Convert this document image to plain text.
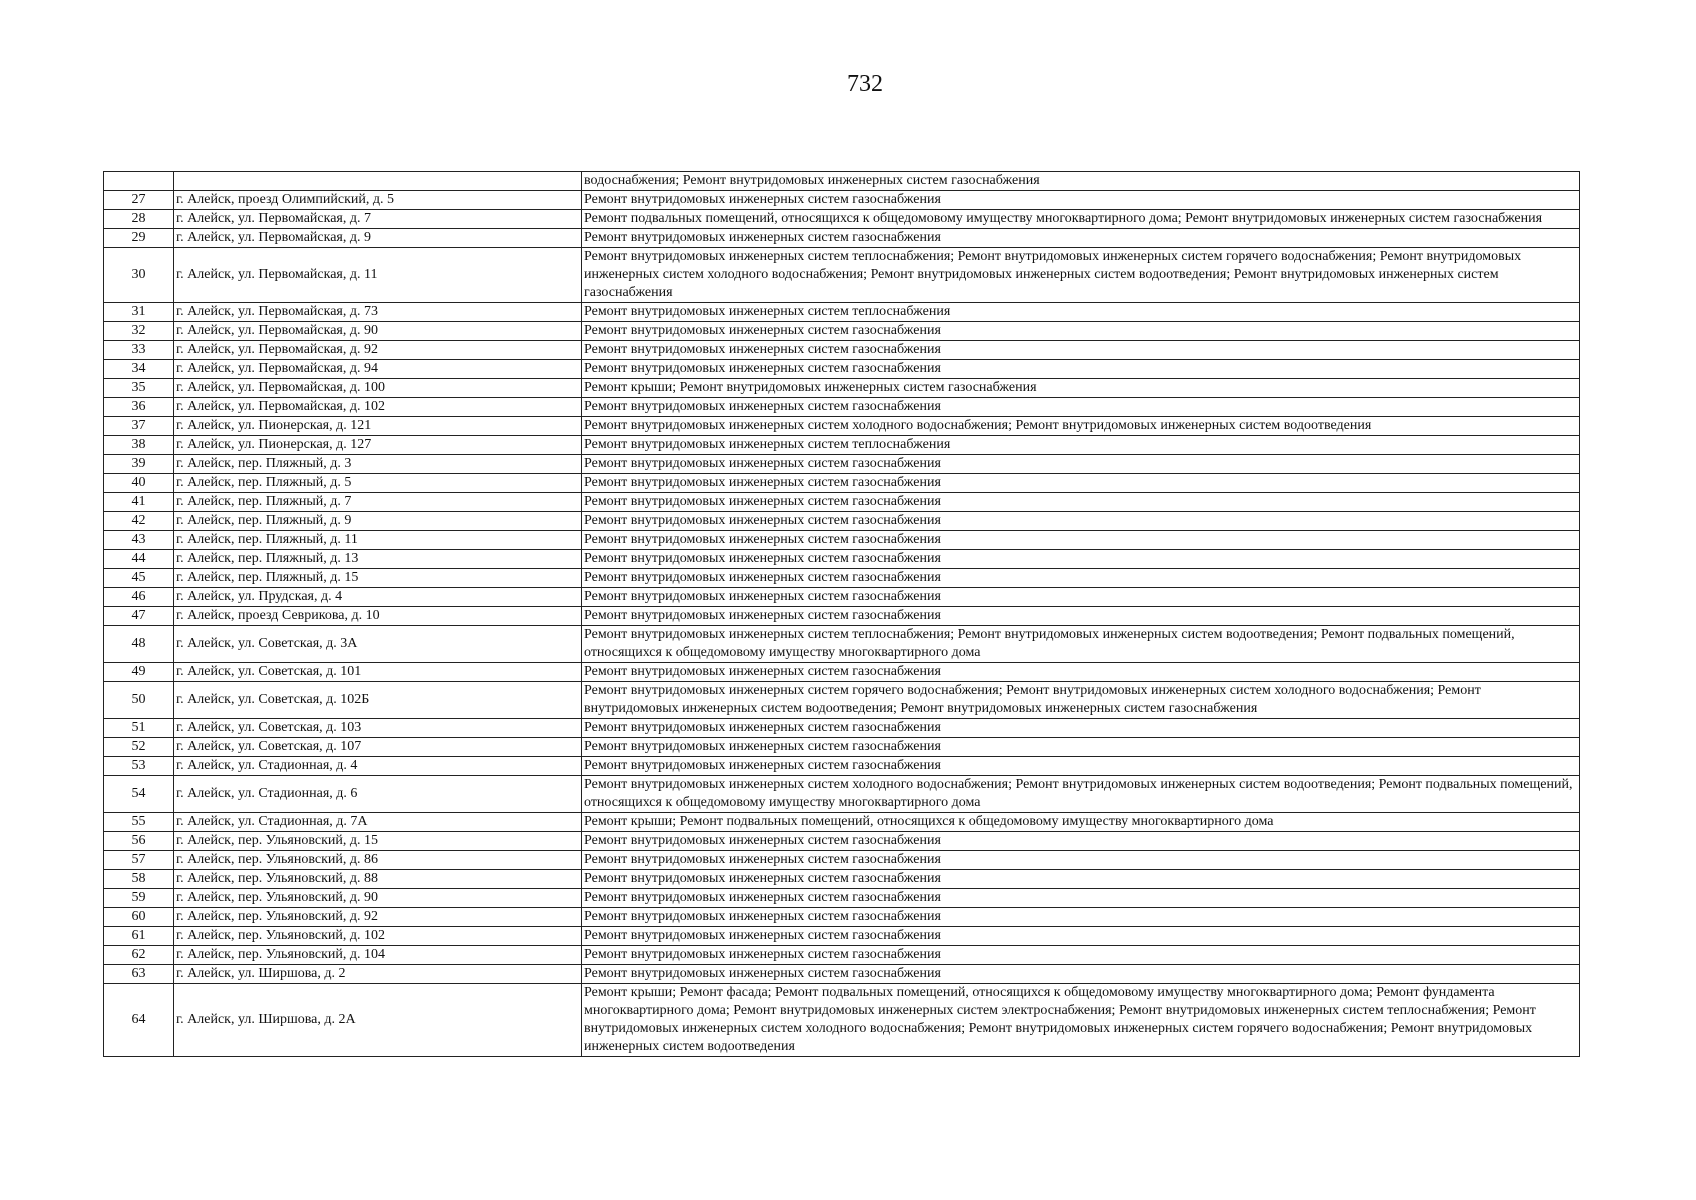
732
		водоснабжения; Ремонт внутридомовых инженерных систем газоснабжения
27	г. Алейск, проезд Олимпийский, д. 5	Ремонт внутридомовых инженерных систем газоснабжения
28	г. Алейск, ул. Первомайская, д. 7	Ремонт подвальных помещений, относящихся к общедомовому имуществу многоквартирного дома; Ремонт внутридомовых инженерных систем газоснабжения
29	г. Алейск, ул. Первомайская, д. 9	Ремонт внутридомовых инженерных систем газоснабжения
30	г. Алейск, ул. Первомайская, д. 11	Ремонт внутридомовых инженерных систем теплоснабжения; Ремонт внутридомовых инженерных систем горячего водоснабжения; Ремонт внутридомовых инженерных систем холодного водоснабжения; Ремонт внутридомовых инженерных систем водоотведения; Ремонт внутридомовых инженерных систем газоснабжения
31	г. Алейск, ул. Первомайская, д. 73	Ремонт внутридомовых инженерных систем теплоснабжения
32	г. Алейск, ул. Первомайская, д. 90	Ремонт внутридомовых инженерных систем газоснабжения
33	г. Алейск, ул. Первомайская, д. 92	Ремонт внутридомовых инженерных систем газоснабжения
34	г. Алейск, ул. Первомайская, д. 94	Ремонт внутридомовых инженерных систем газоснабжения
35	г. Алейск, ул. Первомайская, д. 100	Ремонт крыши; Ремонт внутридомовых инженерных систем газоснабжения
36	г. Алейск, ул. Первомайская, д. 102	Ремонт внутридомовых инженерных систем газоснабжения
37	г. Алейск, ул. Пионерская, д. 121	Ремонт внутридомовых инженерных систем холодного водоснабжения; Ремонт внутридомовых инженерных систем водоотведения
38	г. Алейск, ул. Пионерская, д. 127	Ремонт внутридомовых инженерных систем теплоснабжения
39	г. Алейск, пер. Пляжный, д. 3	Ремонт внутридомовых инженерных систем газоснабжения
40	г. Алейск, пер. Пляжный, д. 5	Ремонт внутридомовых инженерных систем газоснабжения
41	г. Алейск, пер. Пляжный, д. 7	Ремонт внутридомовых инженерных систем газоснабжения
42	г. Алейск, пер. Пляжный, д. 9	Ремонт внутридомовых инженерных систем газоснабжения
43	г. Алейск, пер. Пляжный, д. 11	Ремонт внутридомовых инженерных систем газоснабжения
44	г. Алейск, пер. Пляжный, д. 13	Ремонт внутридомовых инженерных систем газоснабжения
45	г. Алейск, пер. Пляжный, д. 15	Ремонт внутридомовых инженерных систем газоснабжения
46	г. Алейск, ул. Прудская, д. 4	Ремонт внутридомовых инженерных систем газоснабжения
47	г. Алейск, проезд Севрикова, д. 10	Ремонт внутридомовых инженерных систем газоснабжения
48	г. Алейск, ул. Советская, д. 3А	Ремонт внутридомовых инженерных систем теплоснабжения; Ремонт внутридомовых инженерных систем водоотведения; Ремонт подвальных помещений, относящихся к общедомовому имуществу многоквартирного дома
49	г. Алейск, ул. Советская, д. 101	Ремонт внутридомовых инженерных систем газоснабжения
50	г. Алейск, ул. Советская, д. 102Б	Ремонт внутридомовых инженерных систем горячего водоснабжения; Ремонт внутридомовых инженерных систем холодного водоснабжения; Ремонт внутридомовых инженерных систем водоотведения; Ремонт внутридомовых инженерных систем газоснабжения
51	г. Алейск, ул. Советская, д. 103	Ремонт внутридомовых инженерных систем газоснабжения
52	г. Алейск, ул. Советская, д. 107	Ремонт внутридомовых инженерных систем газоснабжения
53	г. Алейск, ул. Стадионная, д. 4	Ремонт внутридомовых инженерных систем газоснабжения
54	г. Алейск, ул. Стадионная, д. 6	Ремонт внутридомовых инженерных систем холодного водоснабжения; Ремонт внутридомовых инженерных систем водоотведения; Ремонт подвальных помещений, относящихся к общедомовому имуществу многоквартирного дома
55	г. Алейск, ул. Стадионная, д. 7А	Ремонт крыши; Ремонт подвальных помещений, относящихся к общедомовому имуществу многоквартирного дома
56	г. Алейск, пер. Ульяновский, д. 15	Ремонт внутридомовых инженерных систем газоснабжения
57	г. Алейск, пер. Ульяновский, д. 86	Ремонт внутридомовых инженерных систем газоснабжения
58	г. Алейск, пер. Ульяновский, д. 88	Ремонт внутридомовых инженерных систем газоснабжения
59	г. Алейск, пер. Ульяновский, д. 90	Ремонт внутридомовых инженерных систем газоснабжения
60	г. Алейск, пер. Ульяновский, д. 92	Ремонт внутридомовых инженерных систем газоснабжения
61	г. Алейск, пер. Ульяновский, д. 102	Ремонт внутридомовых инженерных систем газоснабжения
62	г. Алейск, пер. Ульяновский, д. 104	Ремонт внутридомовых инженерных систем газоснабжения
63	г. Алейск, ул. Ширшова, д. 2	Ремонт внутридомовых инженерных систем газоснабжения
64	г. Алейск, ул. Ширшова, д. 2А	Ремонт крыши; Ремонт фасада; Ремонт подвальных помещений, относящихся к общедомовому имуществу многоквартирного дома; Ремонт фундамента многоквартирного дома; Ремонт внутридомовых инженерных систем электроснабжения; Ремонт внутридомовых инженерных систем теплоснабжения; Ремонт внутридомовых инженерных систем холодного водоснабжения; Ремонт внутридомовых инженерных систем горячего водоснабжения; Ремонт внутридомовых инженерных систем водоотведения
